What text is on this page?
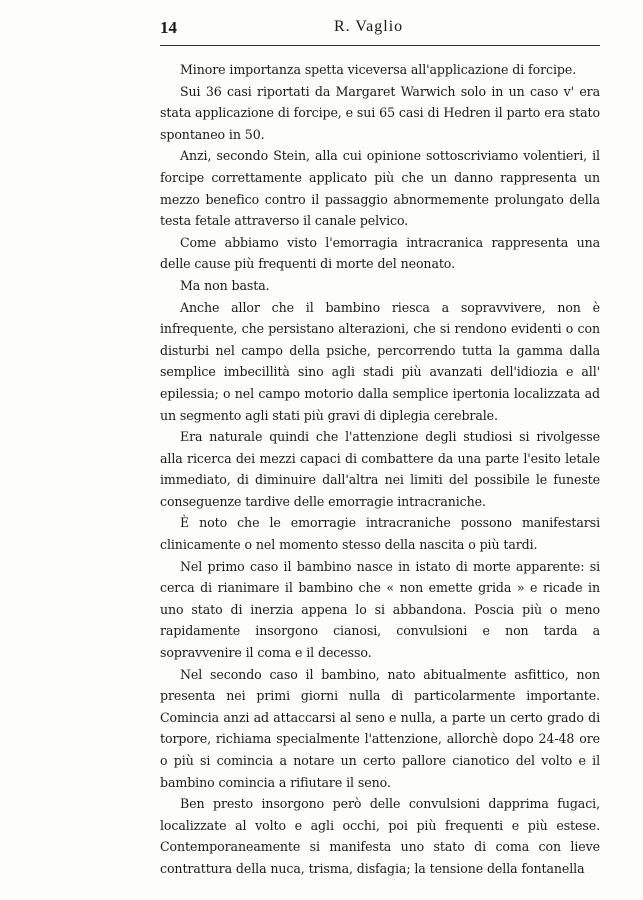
14	R. Vaglio

Minore importanza spetta viceversa all'applicazione di forcipe.

Sui 36 casi riportati da Margaret Warwich solo in un caso v' era stata applicazione di forcipe, e sui 65 casi di Hedren il parto era stato spontaneo in 50.

Anzi, secondo Stein, alla cui opinione sottoscriviamo volentieri, il forcipe correttamente applicato più che un danno rappresenta un mezzo benefico contro il passaggio abnormemente prolungato della testa fetale attraverso il canale pelvico.

Come abbiamo visto l'emorragia intracranica rappresenta una delle cause più frequenti di morte del neonato.

Ma non basta.

Anche allor che il bambino riesca a sopravvivere, non è infrequente, che persistano alterazioni, che si rendono evidenti o con disturbi nel campo della psiche, percorrendo tutta la gamma dalla semplice imbecillità sino agli stadi più avanzati dell'idiozia e all' epilessia; o nel campo motorio dalla semplice ipertonia localizzata ad un segmento agli stati più gravi di diplegia cerebrale.

Era naturale quindi che l'attenzione degli studiosi si rivolgesse alla ricerca dei mezzi capaci di combattere da una parte l'esito letale immediato, di diminuire dall'altra nei limiti del possibile le funeste conseguenze tardive delle emorragie intracraniche.

È noto che le emorragie intracraniche possono manifestarsi clinicamente o nel momento stesso della nascita o più tardi.

Nel primo caso il bambino nasce in istato di morte apparente: si cerca di rianimare il bambino che « non emette grida » e ricade in uno stato di inerzia appena lo si abbandona. Poscia più o meno rapidamente insorgono cianosi, convulsioni e non tarda a sopravvenire il coma e il decesso.

Nel secondo caso il bambino, nato abitualmente asfittico, non presenta nei primi giorni nulla di particolarmente importante. Comincia anzi ad attaccarsi al seno e nulla, a parte un certo grado di torpore, richiama specialmente l'attenzione, allorchè dopo 24-48 ore o più si comincia a notare un certo pallore cianotico del volto e il bambino comincia a rifiutare il seno.

Ben presto insorgono però delle convulsioni dapprima fugaci, localizzate al volto e agli occhi, poi più frequenti e più estese. Contemporaneamente si manifesta uno stato di coma con lieve contrattura della nuca, trisma, disfagia; la tensione della fontanella
